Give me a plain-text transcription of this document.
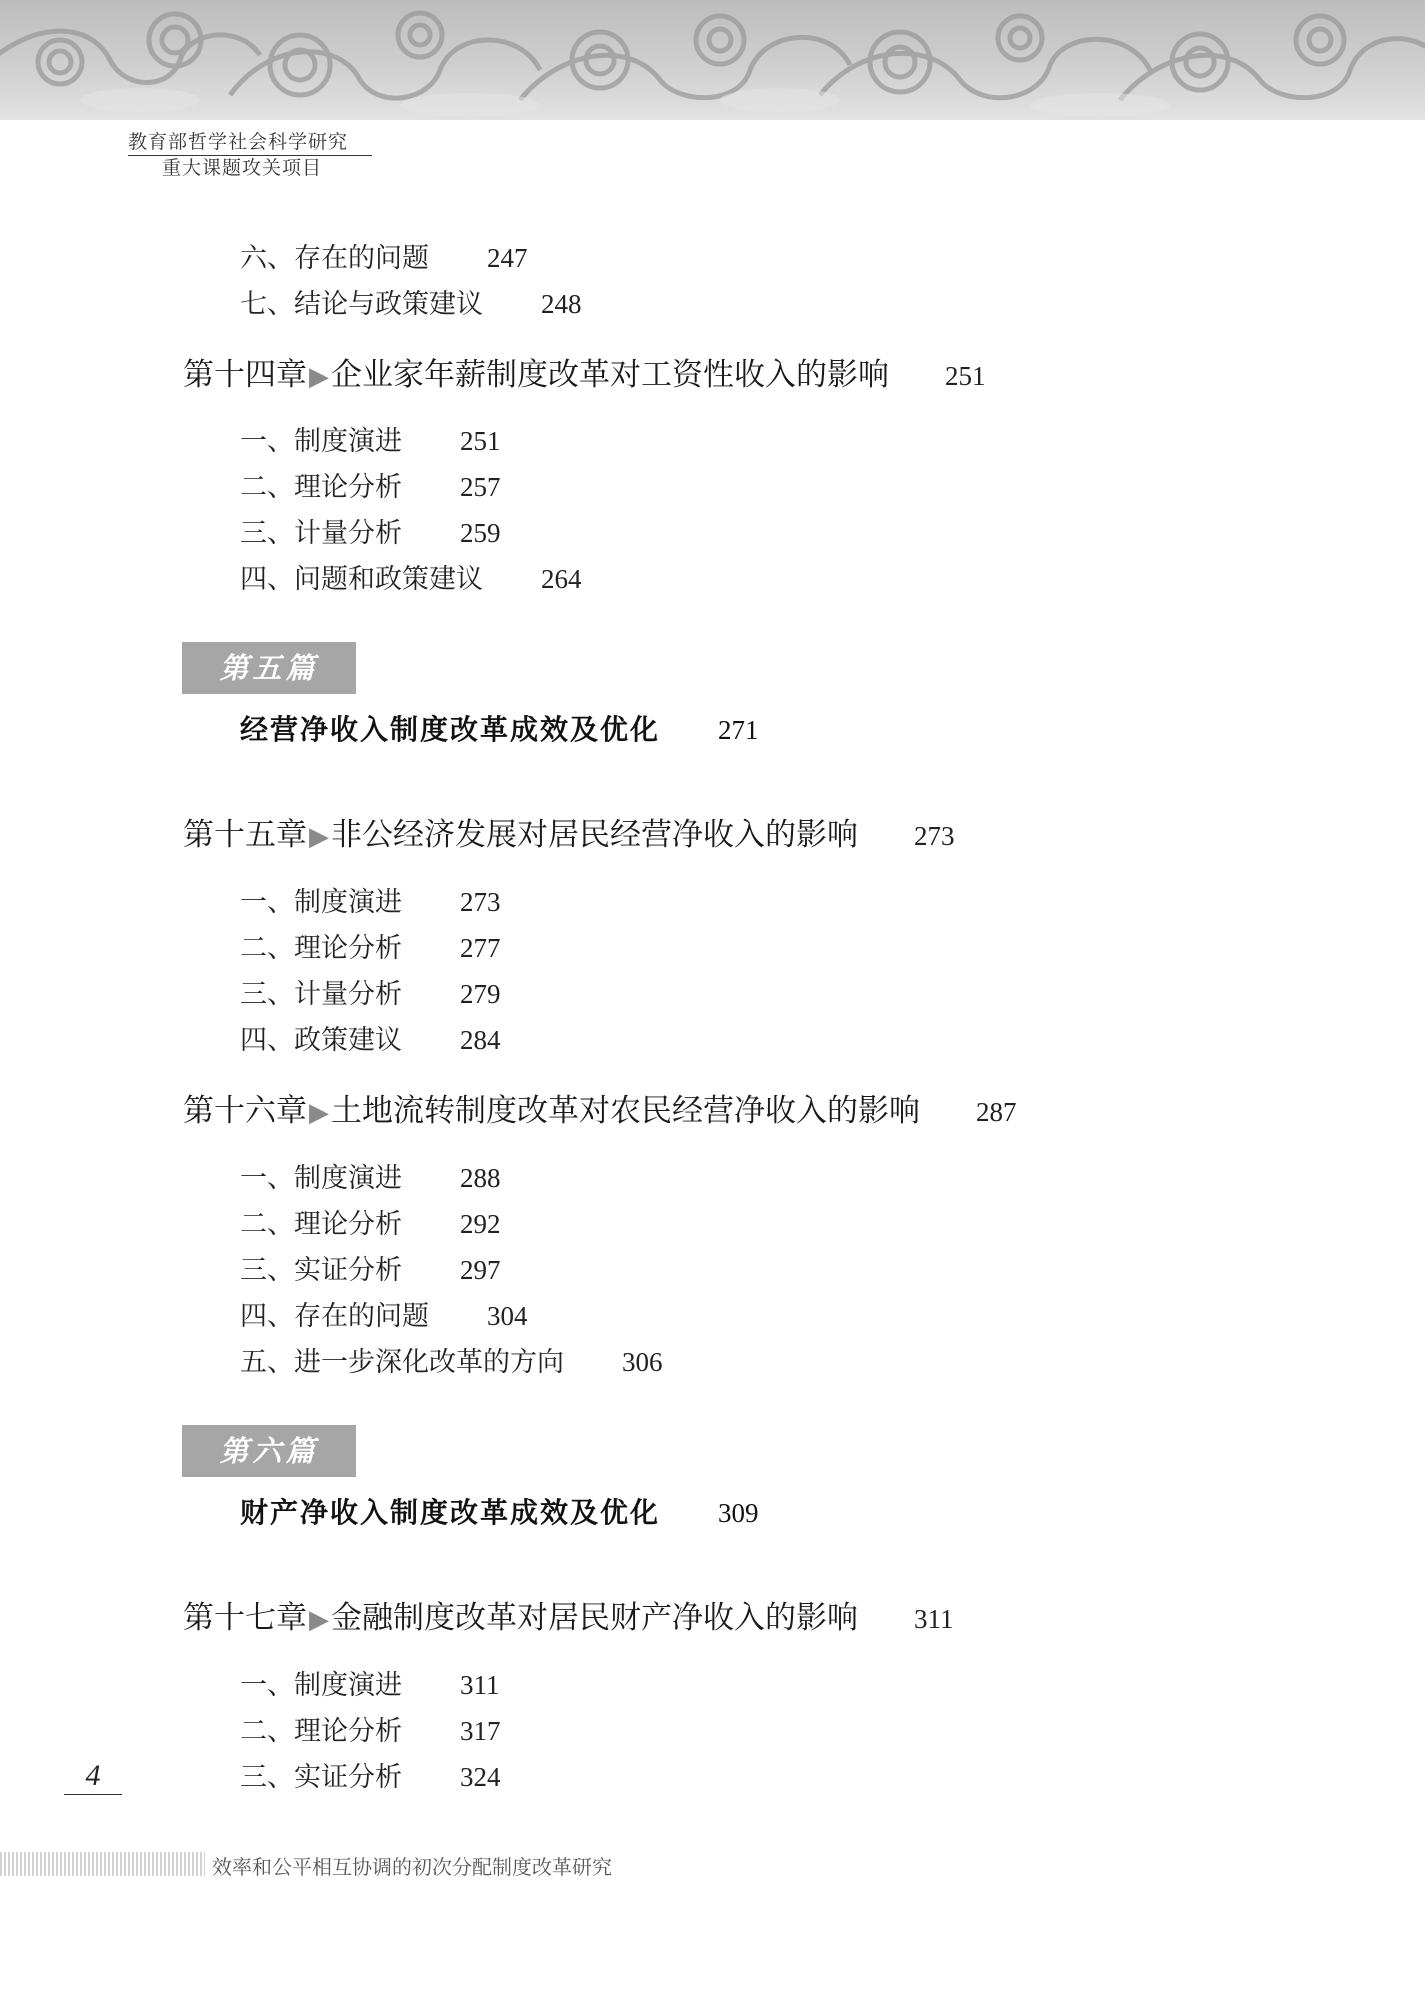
教育部哲学社会科学研究
重大课题攻关项目
六、存在的问题 247
七、结论与政策建议 248
第十四章▶企业家年薪制度改革对工资性收入的影响 251
一、制度演进 251
二、理论分析 257
三、计量分析 259
四、问题和政策建议 264
第五篇
经营净收入制度改革成效及优化 271
第十五章▶非公经济发展对居民经营净收入的影响 273
一、制度演进 273
二、理论分析 277
三、计量分析 279
四、政策建议 284
第十六章▶土地流转制度改革对农民经营净收入的影响 287
一、制度演进 288
二、理论分析 292
三、实证分析 297
四、存在的问题 304
五、进一步深化改革的方向 306
第六篇
财产净收入制度改革成效及优化 309
第十七章▶金融制度改革对居民财产净收入的影响 311
一、制度演进 311
二、理论分析 317
三、实证分析 324
4
效率和公平相互协调的初次分配制度改革研究
